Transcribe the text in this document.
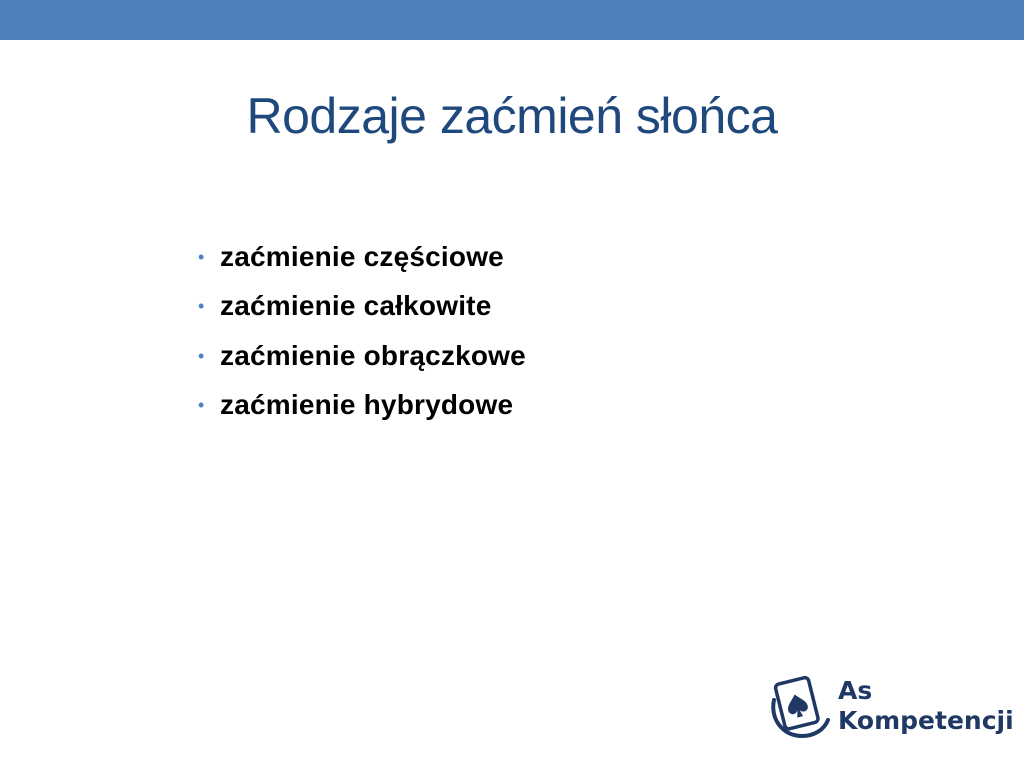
Rodzaje zaćmień słońca
• zaćmienie częściowe
• zaćmienie całkowite
• zaćmienie obrączkowe
• zaćmienie hybrydowe
As
Kompetencji
